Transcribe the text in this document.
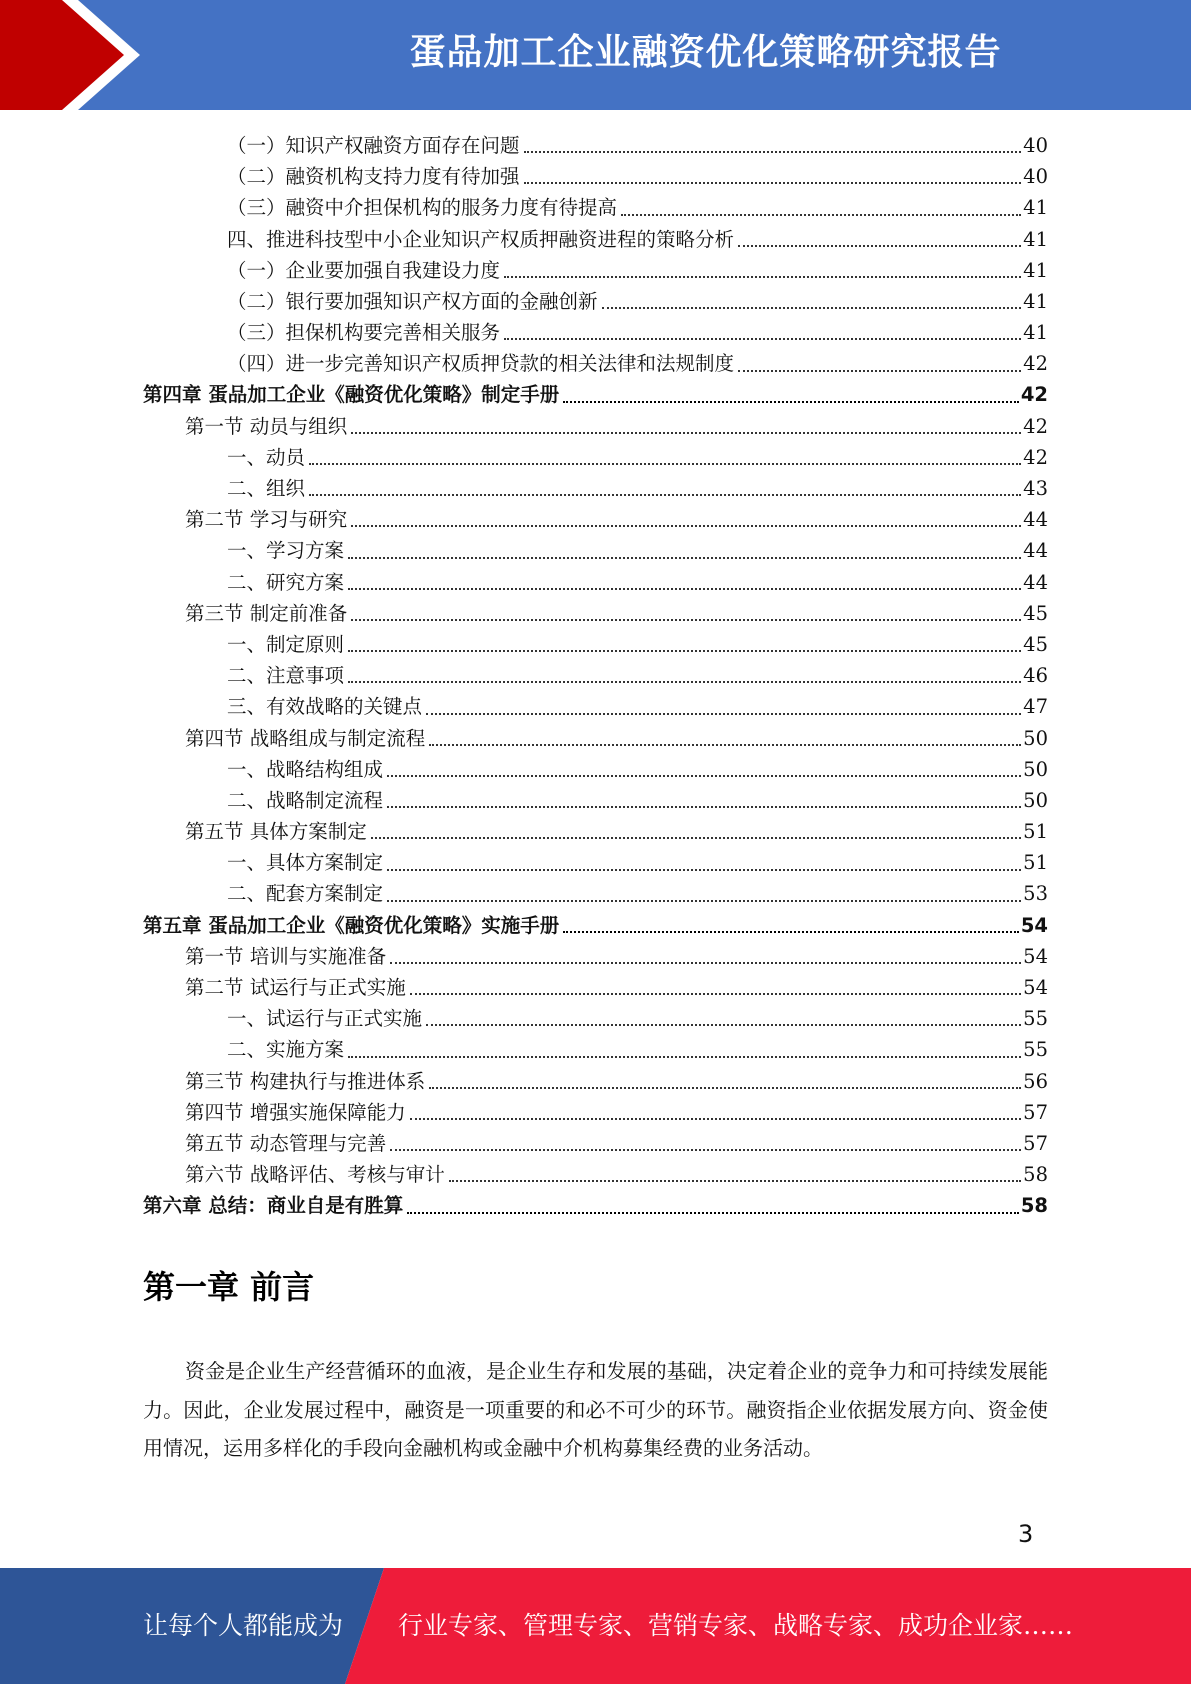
蛋品加工企业融资优化策略研究报告
（一）知识产权融资方面存在问题	40
（二）融资机构支持力度有待加强	40
（三）融资中介担保机构的服务力度有待提高	41
四、推进科技型中小企业知识产权质押融资进程的策略分析	41
（一）企业要加强自我建设力度	41
（二）银行要加强知识产权方面的金融创新	41
（三）担保机构要完善相关服务	41
（四）进一步完善知识产权质押贷款的相关法律和法规制度	42
第四章 蛋品加工企业《融资优化策略》制定手册	42
第一节 动员与组织	42
一、动员	42
二、组织	43
第二节 学习与研究	44
一、学习方案	44
二、研究方案	44
第三节 制定前准备	45
一、制定原则	45
二、注意事项	46
三、有效战略的关键点	47
第四节 战略组成与制定流程	50
一、战略结构组成	50
二、战略制定流程	50
第五节 具体方案制定	51
一、具体方案制定	51
二、配套方案制定	53
第五章 蛋品加工企业《融资优化策略》实施手册	54
第一节 培训与实施准备	54
第二节 试运行与正式实施	54
一、试运行与正式实施	55
二、实施方案	55
第三节 构建执行与推进体系	56
第四节 增强实施保障能力	57
第五节 动态管理与完善	57
第六节 战略评估、考核与审计	58
第六章 总结：商业自是有胜算	58
第一章 前言
资金是企业生产经营循环的血液，是企业生存和发展的基础，决定着企业的竞争力和可持续发展能力。因此，企业发展过程中，融资是一项重要的和必不可少的环节。融资指企业依据发展方向、资金使用情况，运用多样化的手段向金融机构或金融中介机构募集经费的业务活动。
3
让每个人都能成为 行业专家、管理专家、营销专家、战略专家、成功企业家……
